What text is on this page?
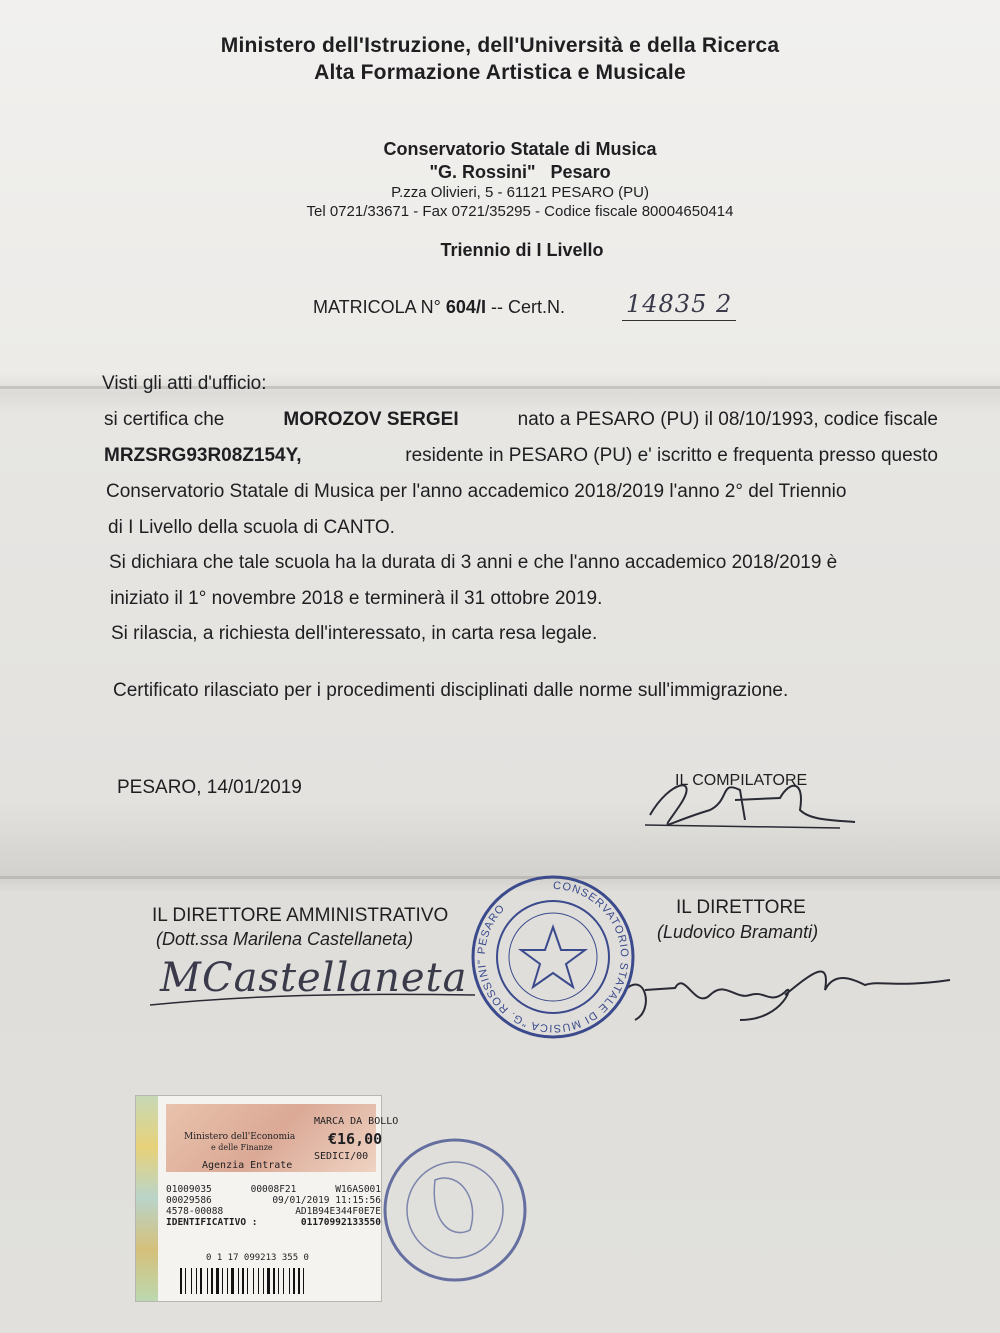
Ministero dell'Istruzione, dell'Università e della Ricerca
Alta Formazione Artistica e Musicale
Conservatorio Statale di Musica
"G. Rossini"   Pesaro
P.zza Olivieri, 5 - 61121 PESARO (PU)
Tel 0721/33671 - Fax 0721/35295 - Codice fiscale 80004650414
Triennio di I Livello
MATRICOLA N° 604/I -- Cert.N.	14835 2
Visti gli atti d'ufficio:
si certifica che	MOROZOV SERGEI	nato a PESARO (PU) il 08/10/1993, codice fiscale
MRZSRG93R08Z154Y,	residente in PESARO (PU) e' iscritto e frequenta presso questo
Conservatorio Statale di Musica per l'anno accademico 2018/2019 l'anno 2° del Triennio
di I Livello della scuola di CANTO.
Si dichiara che tale scuola ha la durata di 3 anni e che l'anno accademico 2018/2019 è
iniziato il 1° novembre 2018 e terminerà il 31 ottobre 2019.
Si rilascia, a richiesta dell'interessato, in carta resa legale.
Certificato rilasciato per i procedimenti disciplinati dalle norme sull'immigrazione.
PESARO, 14/01/2019	IL COMPILATORE
IL DIRETTORE AMMINISTRATIVO
(Dott.ssa Marilena Castellaneta)
MCastellaneta
IL DIRETTORE
(Ludovico Bramanti)
CONSERVATORIO STATALE DI MUSICA "G. ROSSINI" PESARO
MARCA DA BOLLO
Ministero dell'Economia
e delle Finanze	€16,00
SEDICI/00
Agenzia Entrate
01009035	00008F21	W16AS001
00029586	09/01/2019 11:15:56
4578-00088	AD1B94E344F0E7E
IDENTIFICATIVO :	01170992133550
0 1 17 099213 355 0
